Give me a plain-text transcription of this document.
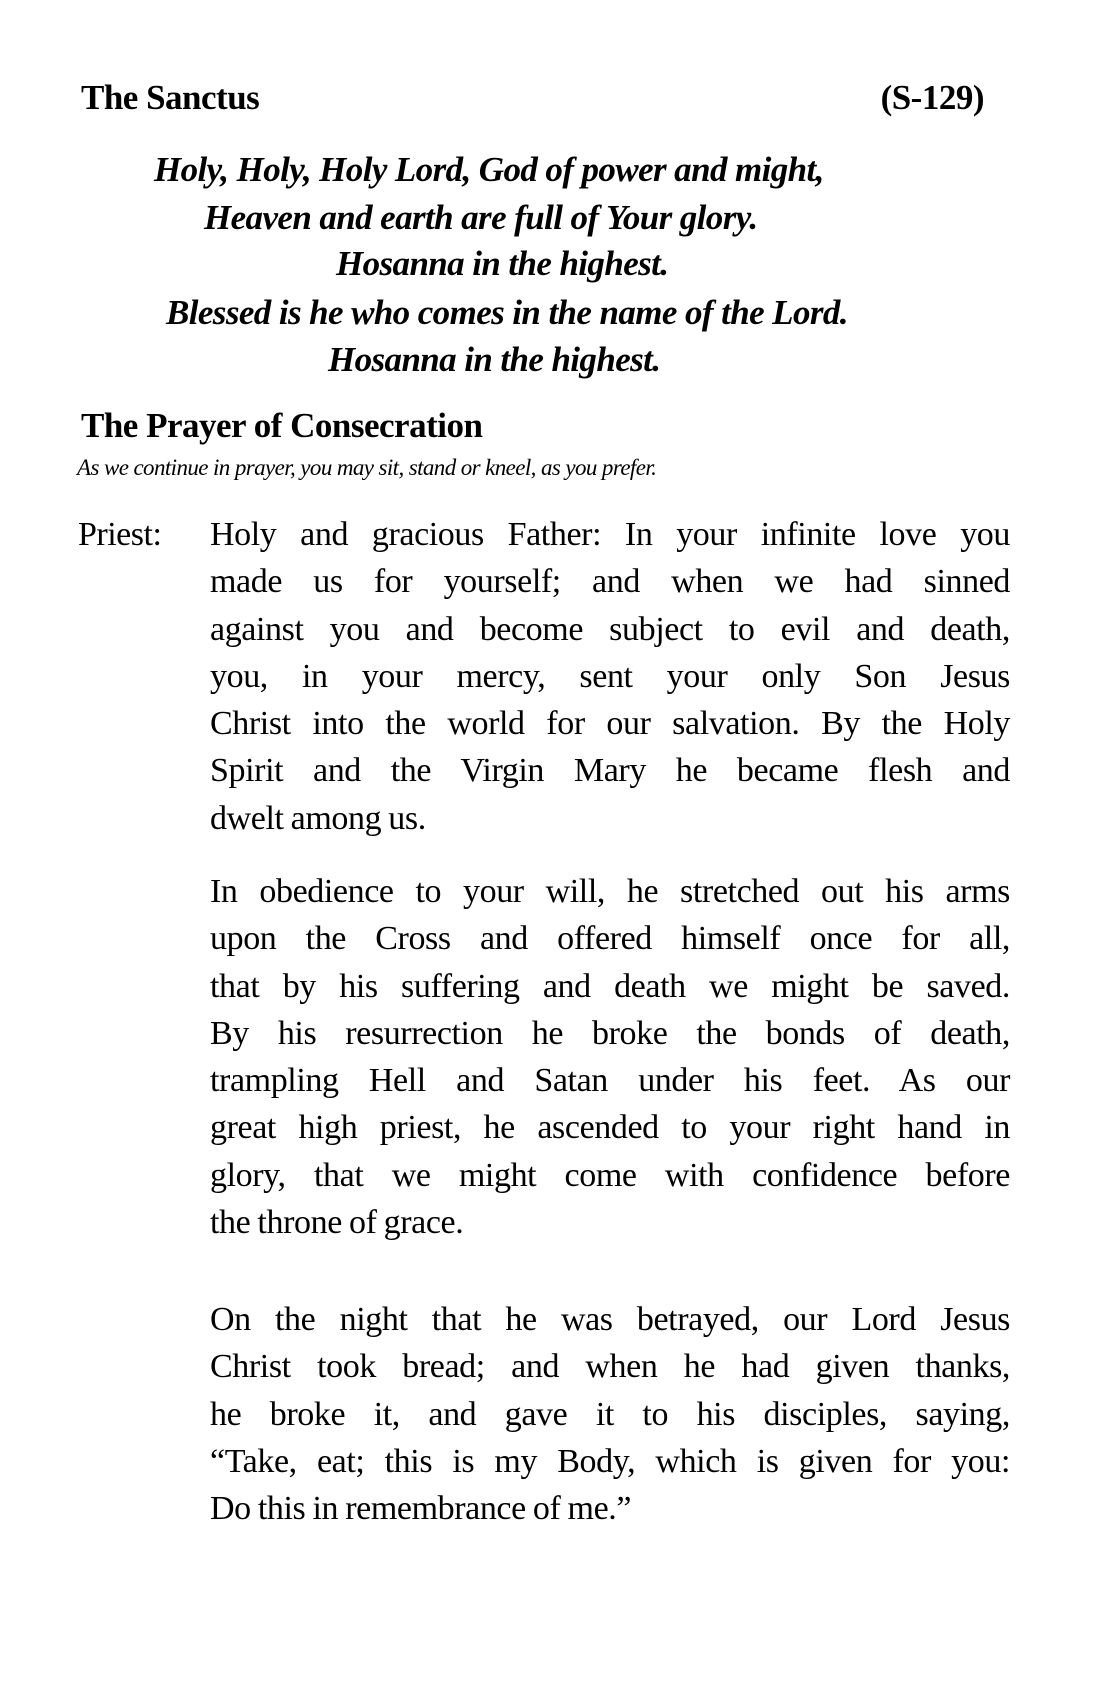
The Sanctus	(S-129)
Holy, Holy, Holy Lord, God of power and might,
Heaven and earth are full of Your glory.
Hosanna in the highest.
Blessed is he who comes in the name of the Lord.
Hosanna in the highest.
The Prayer of Consecration
As we continue in prayer, you may sit, stand or kneel, as you prefer.
Priest: Holy and gracious Father: In your infinite love you
made us for yourself; and when we had sinned
against you and become subject to evil and death,
you, in your mercy, sent your only Son Jesus
Christ into the world for our salvation. By the Holy
Spirit and the Virgin Mary he became flesh and
dwelt among us.
In obedience to your will, he stretched out his arms
upon the Cross and offered himself once for all,
that by his suffering and death we might be saved.
By his resurrection he broke the bonds of death,
trampling Hell and Satan under his feet. As our
great high priest, he ascended to your right hand in
glory, that we might come with confidence before
the throne of grace.
On the night that he was betrayed, our Lord Jesus
Christ took bread; and when he had given thanks,
he broke it, and gave it to his disciples, saying,
“Take, eat; this is my Body, which is given for you:
Do this in remembrance of me.”
